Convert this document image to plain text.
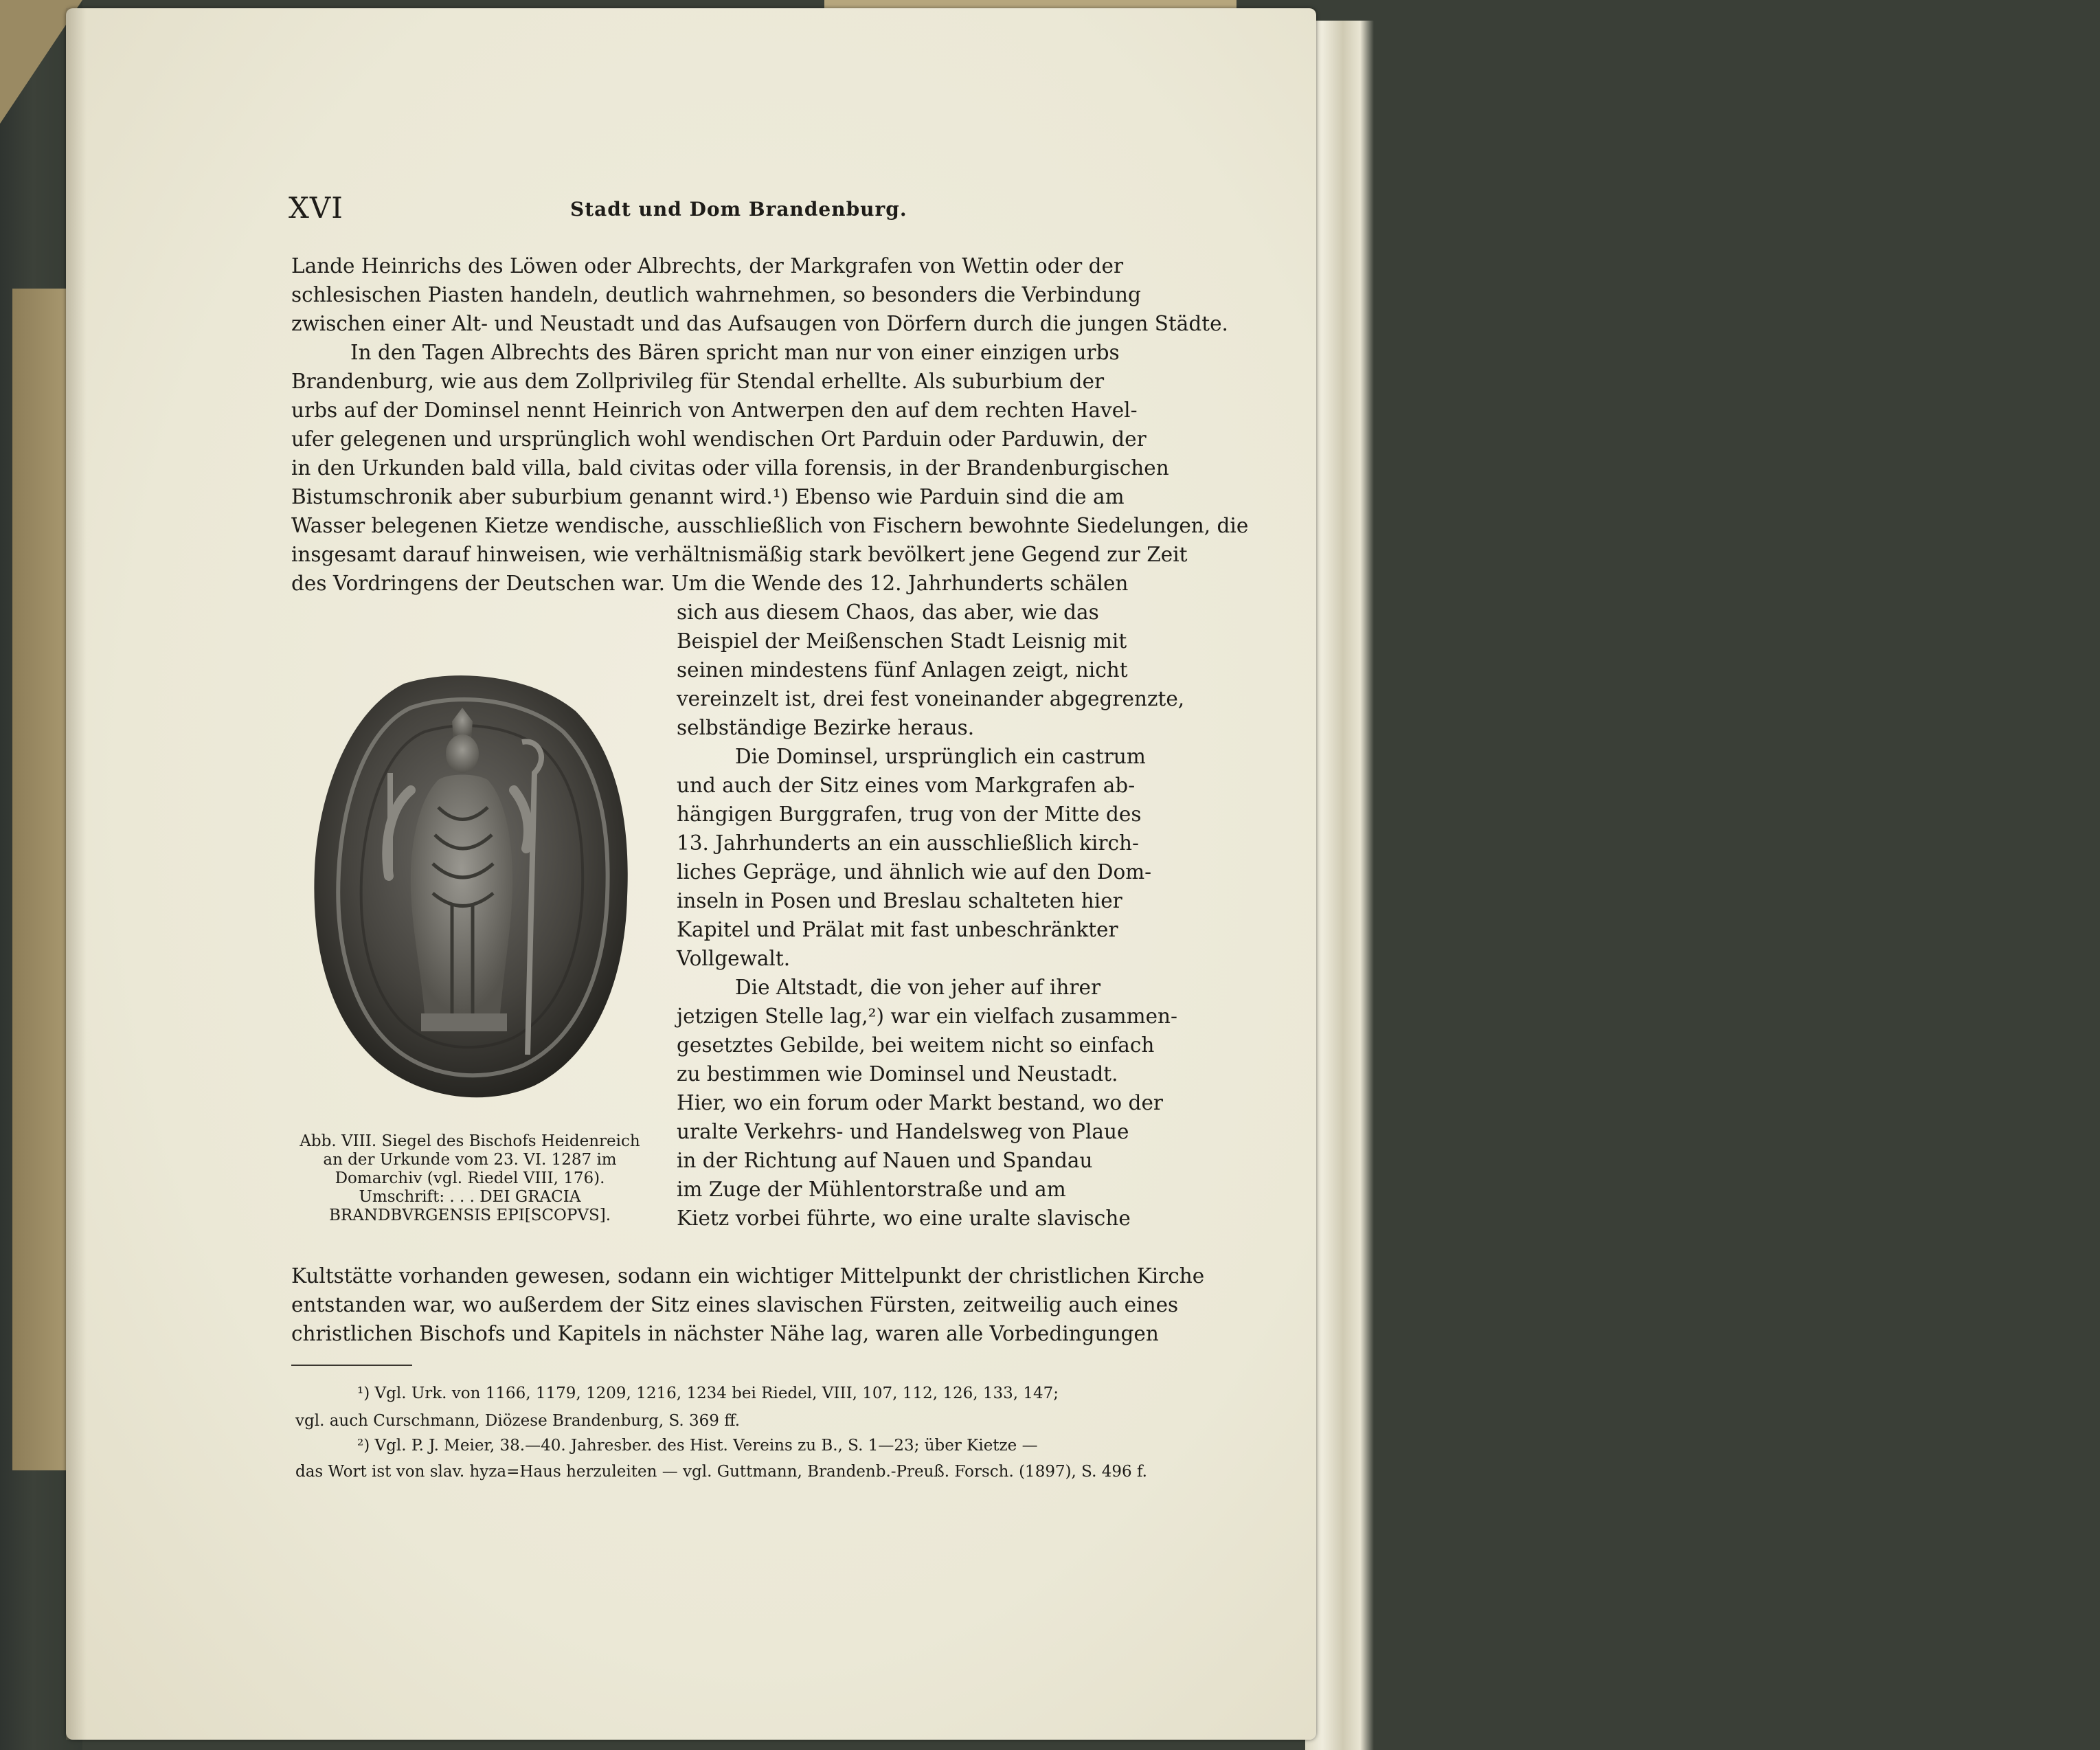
XVI	Stadt und Dom Brandenburg.
Lande Heinrichs des Löwen oder Albrechts, der Markgrafen von Wettin oder der
schlesischen Piasten handeln, deutlich wahrnehmen, so besonders die Verbindung
zwischen einer Alt- und Neustadt und das Aufsaugen von Dörfern durch die jungen Städte.
In den Tagen Albrechts des Bären spricht man nur von einer einzigen urbs
Brandenburg, wie aus dem Zollprivileg für Stendal erhellte. Als suburbium der
urbs auf der Dominsel nennt Heinrich von Antwerpen den auf dem rechten Havel-
ufer gelegenen und ursprünglich wohl wendischen Ort Parduin oder Parduwin, der
in den Urkunden bald villa, bald civitas oder villa forensis, in der Brandenburgischen
Bistumschronik aber suburbium genannt wird.¹) Ebenso wie Parduin sind die am
Wasser belegenen Kietze wendische, ausschließlich von Fischern bewohnte Siedelungen, die
insgesamt darauf hinweisen, wie verhältnismäßig stark bevölkert jene Gegend zur Zeit
des Vordringens der Deutschen war. Um die Wende des 12. Jahrhunderts schälen
sich aus diesem Chaos, das aber, wie das
Beispiel der Meißenschen Stadt Leisnig mit
seinen mindestens fünf Anlagen zeigt, nicht
vereinzelt ist, drei fest voneinander abgegrenzte,
selbständige Bezirke heraus.
Die Dominsel, ursprünglich ein castrum
und auch der Sitz eines vom Markgrafen ab-
hängigen Burggrafen, trug von der Mitte des
13. Jahrhunderts an ein ausschließlich kirch-
liches Gepräge, und ähnlich wie auf den Dom-
inseln in Posen und Breslau schalteten hier
Kapitel und Prälat mit fast unbeschränkter
Vollgewalt.
Die Altstadt, die von jeher auf ihrer
jetzigen Stelle lag,²) war ein vielfach zusammen-
gesetztes Gebilde, bei weitem nicht so einfach
zu bestimmen wie Dominsel und Neustadt.
Hier, wo ein forum oder Markt bestand, wo der
uralte Verkehrs- und Handelsweg von Plaue
in der Richtung auf Nauen und Spandau
im Zuge der Mühlentorstraße und am
Kietz vorbei führte, wo eine uralte slavische
Kultstätte vorhanden gewesen, sodann ein wichtiger Mittelpunkt der christlichen Kirche
entstanden war, wo außerdem der Sitz eines slavischen Fürsten, zeitweilig auch eines
christlichen Bischofs und Kapitels in nächster Nähe lag, waren alle Vorbedingungen
Abb. VIII. Siegel des Bischofs Heidenreich
an der Urkunde vom 23. VI. 1287 im
Domarchiv (vgl. Riedel VIII, 176).
Umschrift: . . . DEI GRACIA
BRANDBVRGENSIS EPI[SCOPVS].
¹) Vgl. Urk. von 1166, 1179, 1209, 1216, 1234 bei Riedel, VIII, 107, 112, 126, 133, 147;
vgl. auch Curschmann, Diözese Brandenburg, S. 369 ff.
²) Vgl. P. J. Meier, 38.—40. Jahresber. des Hist. Vereins zu B., S. 1—23; über Kietze —
das Wort ist von slav. hyza=Haus herzuleiten — vgl. Guttmann, Brandenb.-Preuß. Forsch. (1897), S. 496 f.
